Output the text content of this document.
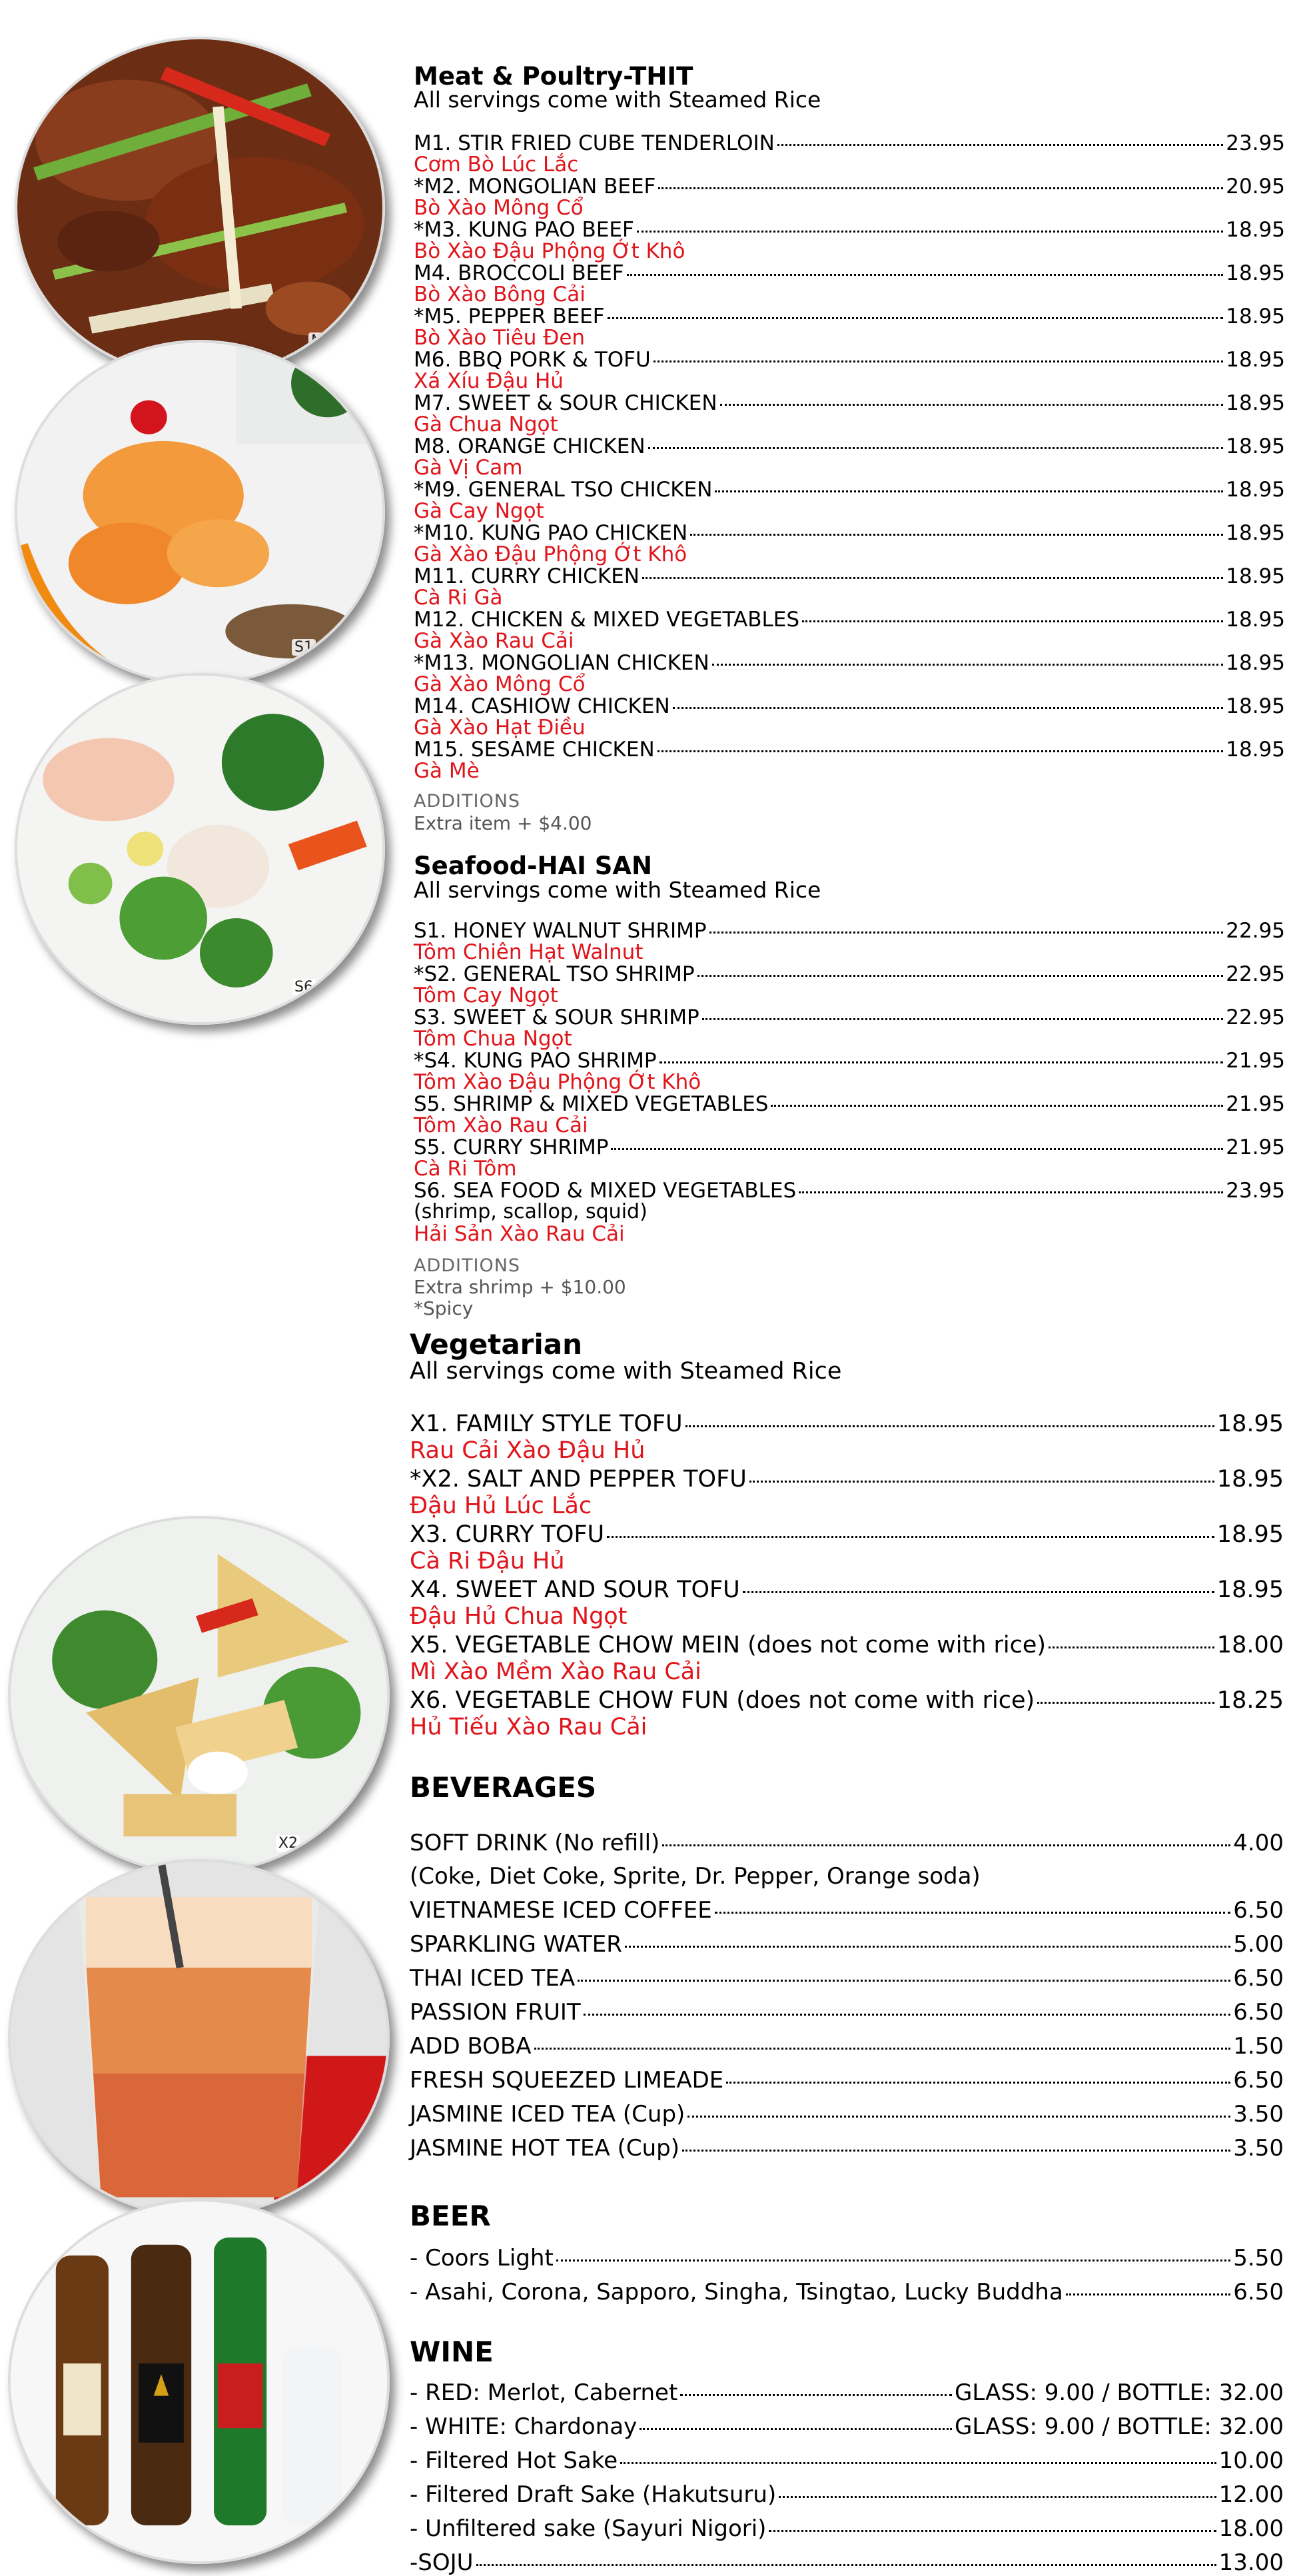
M2
S1
S6
X2
Meat & Poultry-THIT
All servings come with Steamed Rice
M1. STIR FRIED CUBE TENDERLOIN	23.95
Cơm Bò Lúc Lắc
*M2. MONGOLIAN BEEF	20.95
Bò Xào Mông Cổ
*M3. KUNG PAO BEEF	18.95
Bò Xào Đậu Phộng Ớt Khô
M4. BROCCOLI BEEF	18.95
Bò Xào Bông Cải
*M5. PEPPER BEEF	18.95
Bò Xào Tiêu Đen
M6. BBQ PORK & TOFU	18.95
Xá Xíu Đậu Hủ
M7. SWEET & SOUR CHICKEN	18.95
Gà Chua Ngọt
M8. ORANGE CHICKEN	18.95
Gà Vị Cam
*M9. GENERAL TSO CHICKEN	18.95
Gà Cay Ngọt
*M10. KUNG PAO CHICKEN	18.95
Gà Xào Đậu Phộng Ớt Khô
M11. CURRY CHICKEN	18.95
Cà Ri Gà
M12. CHICKEN & MIXED VEGETABLES	18.95
Gà Xào Rau Cải
*M13. MONGOLIAN CHICKEN	18.95
Gà Xào Mông Cổ
M14. CASHIOW CHICKEN	18.95
Gà Xào Hạt Điều
M15. SESAME CHICKEN	18.95
Gà Mè
ADDITIONS
Extra item + $4.00
Seafood-HAI SAN
All servings come with Steamed Rice
S1. HONEY WALNUT SHRIMP	22.95
Tôm Chiên Hạt Walnut
*S2. GENERAL TSO SHRIMP	22.95
Tôm Cay Ngọt
S3. SWEET & SOUR SHRIMP	22.95
Tôm Chua Ngọt
*S4. KUNG PAO SHRIMP	21.95
Tôm Xào Đậu Phộng Ớt Khô
S5. SHRIMP & MIXED VEGETABLES	21.95
Tôm Xào Rau Cải
S5. CURRY SHRIMP	21.95
Cà Ri Tôm
S6. SEA FOOD & MIXED VEGETABLES	23.95
(shrimp, scallop, squid)
Hải Sản Xào Rau Cải
ADDITIONS
Extra shrimp + $10.00
*Spicy
Vegetarian
All servings come with Steamed Rice
X1. FAMILY STYLE TOFU	18.95
Rau Cải Xào Đậu Hủ
*X2. SALT AND PEPPER TOFU	18.95
Đậu Hủ Lúc Lắc
X3. CURRY TOFU	18.95
Cà Ri Đậu Hủ
X4. SWEET AND SOUR TOFU	18.95
Đậu Hủ Chua Ngọt
X5. VEGETABLE CHOW MEIN (does not come with rice)	18.00
Mì Xào Mềm Xào Rau Cải
X6. VEGETABLE CHOW FUN (does not come with rice)	18.25
Hủ Tiếu Xào Rau Cải
BEVERAGES
SOFT DRINK (No refill)	4.00
(Coke, Diet Coke, Sprite, Dr. Pepper, Orange soda)
VIETNAMESE ICED COFFEE	6.50
SPARKLING WATER	5.00
THAI ICED TEA	6.50
PASSION FRUIT	6.50
ADD BOBA	1.50
FRESH SQUEEZED LIMEADE	6.50
JASMINE ICED TEA (Cup)	3.50
JASMINE HOT TEA (Cup)	3.50
BEER
- Coors Light	5.50
- Asahi, Corona, Sapporo, Singha, Tsingtao, Lucky Buddha	6.50
WINE
- RED: Merlot, Cabernet	GLASS: 9.00 / BOTTLE: 32.00
- WHITE: Chardonay	GLASS: 9.00 / BOTTLE: 32.00
- Filtered Hot Sake	10.00
- Filtered Draft Sake (Hakutsuru)	12.00
- Unfiltered sake (Sayuri Nigori)	18.00
-SOJU	13.00
